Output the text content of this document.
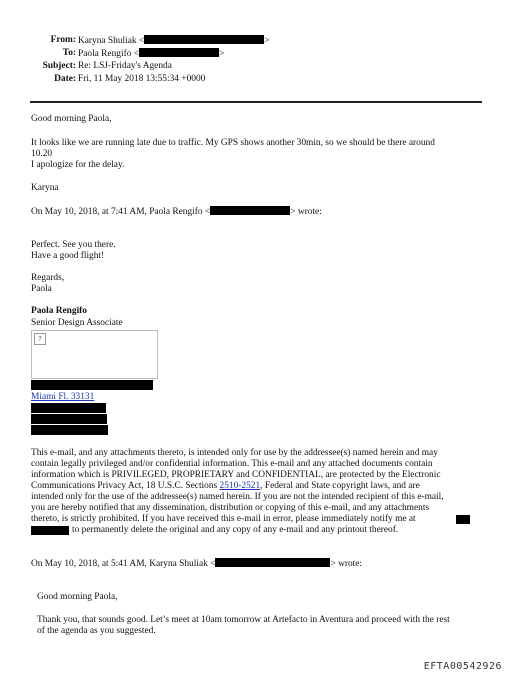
From: Karyna Shuliak <	>
To: Paola Rengifo <	>
Subject: Re: LSJ-Friday's Agenda
Date: Fri, 11 May 2018 13:55:34 +0000
Good morning Paola,
It looks like we are running late due to traffic. My GPS shows another 30min, so we should be there around
10.20
I apologize for the delay.
Karyna
On May 10, 2018, at 7:41 AM, Paola Rengifo <	> wrote:
Perfect. See you there.
Have a good flight!
Regards,
Paola
Paola Rengifo
Senior Design Associate
?
Miami Fl. 33131
This e-mail, and any attachments thereto, is intended only for use by the addressee(s) named herein and may
contain legally privileged and/or confidential information. This e-mail and any attached documents contain
information which is PRIVILEGED, PROPRIETARY and CONFIDENTIAL, are protected by the Electronic
Communications Privacy Act, 18 U.S.C. Sections 2510-2521, Federal and State copyright laws, and are
intended only for the use of the addressee(s) named herein. If you are not the intended recipient of this e-mail,
you are hereby notified that any dissemination, distribution or copying of this e-mail, and any attachments
thereto, is strictly prohibited. If you have received this e-mail in error, please immediately notify me at
to permanently delete the original and any copy of any e-mail and any printout thereof.
On May 10, 2018, at 5:41 AM, Karyna Shuliak <	> wrote:
Good morning Paola,
Thank you, that sounds good. Let’s meet at 10am tomorrow at Artefacto in Aventura and proceed with the rest
of the agenda as you suggested.
EFTA00542926
